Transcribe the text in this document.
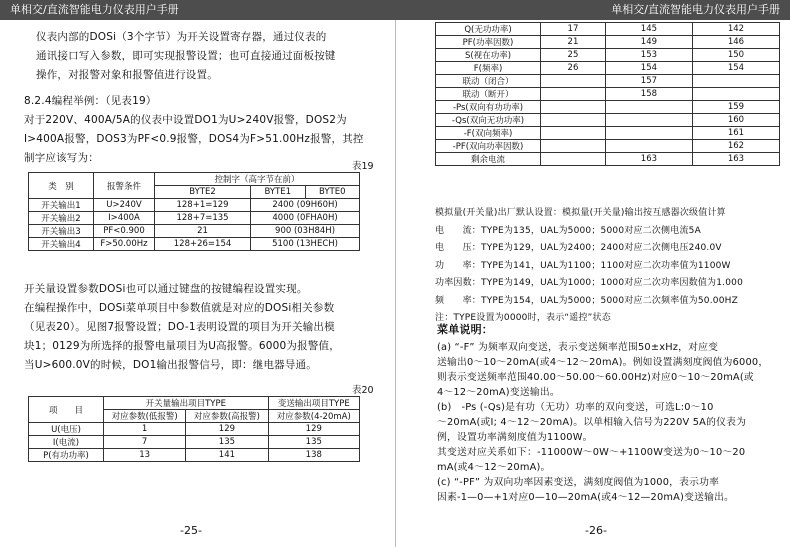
单相交/直流智能电力仪表用户手册
仪表内部的DOSi（3个字节）为开关设置寄存器，通过仪表的
通讯接口写入参数，即可实现报警设置；也可直接通过面板按键
操作，对报警对象和报警值进行设置。
8.2.4编程举例：（见表19）
对于220V、400A/5A的仪表中设置DO1为U>240V报警，DOS2为
I>400A报警，DOS3为PF<0.9报警，DOS4为F>51.00Hz报警，其控
制字应该写为：
表19
类　别	报警条件	控制字（高字节在前）		
		BYTE2	BYTE1	BYTE0
开关输出1	U>240V	128+1=129	2400 (09H60H)	
开关输出2	I>400A	128+7=135	4000 (0FHA0H)	
开关输出3	PF<0.900	21	900 (03H84H)	
开关输出4	F>50.00Hz	128+26=154	5100 (13HECH)	
开关量设置参数DOSi也可以通过键盘的按键编程设置实现。
在编程操作中，DOSi菜单项目中参数值就是对应的DOSi相关参数
（见表20）。见图7报警设置；DO-1表明设置的项目为开关输出模
块1；0129为所选择的报警电量项目为U高报警。6000为报警值，
当U>600.0V的时候，DO1输出报警信号，即：继电器导通。
表20
项　　目	开关量输出项目TYPE		变送输出项目TYPE
	对应参数(低报警)	对应参数(高报警)	对应参数(4-20mA)
U(电压)	1	129	129
I(电流)	7	135	135
P(有功功率)	13	141	138
-25-
单相交/直流智能电力仪表用户手册
Q(无功功率)	17	145	142
PF(功率因数)	21	149	146
S(视在功率)	25	153	150
F(频率)	26	154	154
联动（闭合）		157	
联动（断开）		158	
-Ps(双向有功功率)			159
-Qs(双向无功功率)			160
-F(双向频率)			161
-PF(双向功率因数)			162
剩余电流		163	163
模拟量(开关量)出厂默认设置：模拟量(开关量)输出按互感器次级值计算
电　　流：TYPE为135，UAL为5000；5000对应二次侧电流5A
电　　压：TYPE为129，UAL为2400；2400对应二次侧电压240.0V
功　　率：TYPE为141，UAL为1100；1100对应二次功率值为1100W
功率因数：TYPE为149，UAL为1000；1000对应二次功率因数值为1.000
频　　率：TYPE为154，UAL为5000；5000对应二次频率值为50.00HZ
注：TYPE设置为0000时，表示“遥控”状态
菜单说明：
(a) “-F” 为频率双向变送，表示变送频率范围50±xHz，对应变
送输出0～10～20mA(或4～12～20mA)。例如设置满刻度阀值为6000，
则表示变送频率范围40.00～50.00～60.00Hz)对应0～10～20mA(或
4～12～20mA)变送输出。
(b)　-Ps (-Qs)是有功（无功）功率的双向变送，可选L:0～10
～20mA(或I; 4～12～20mA)。以单相输入信号为220V 5A的仪表为
例，设置功率满刻度值为1100W。
其变送对应关系如下：-11000W～0W～+1100W变送为0～10～20
mA(或4～12～20mA)。
(c) “-PF” 为双向功率因素变送，满刻度阀值为1000，表示功率
因素-1—0—+1对应0—10—20mA(或4～12—20mA)变送输出。
-26-
